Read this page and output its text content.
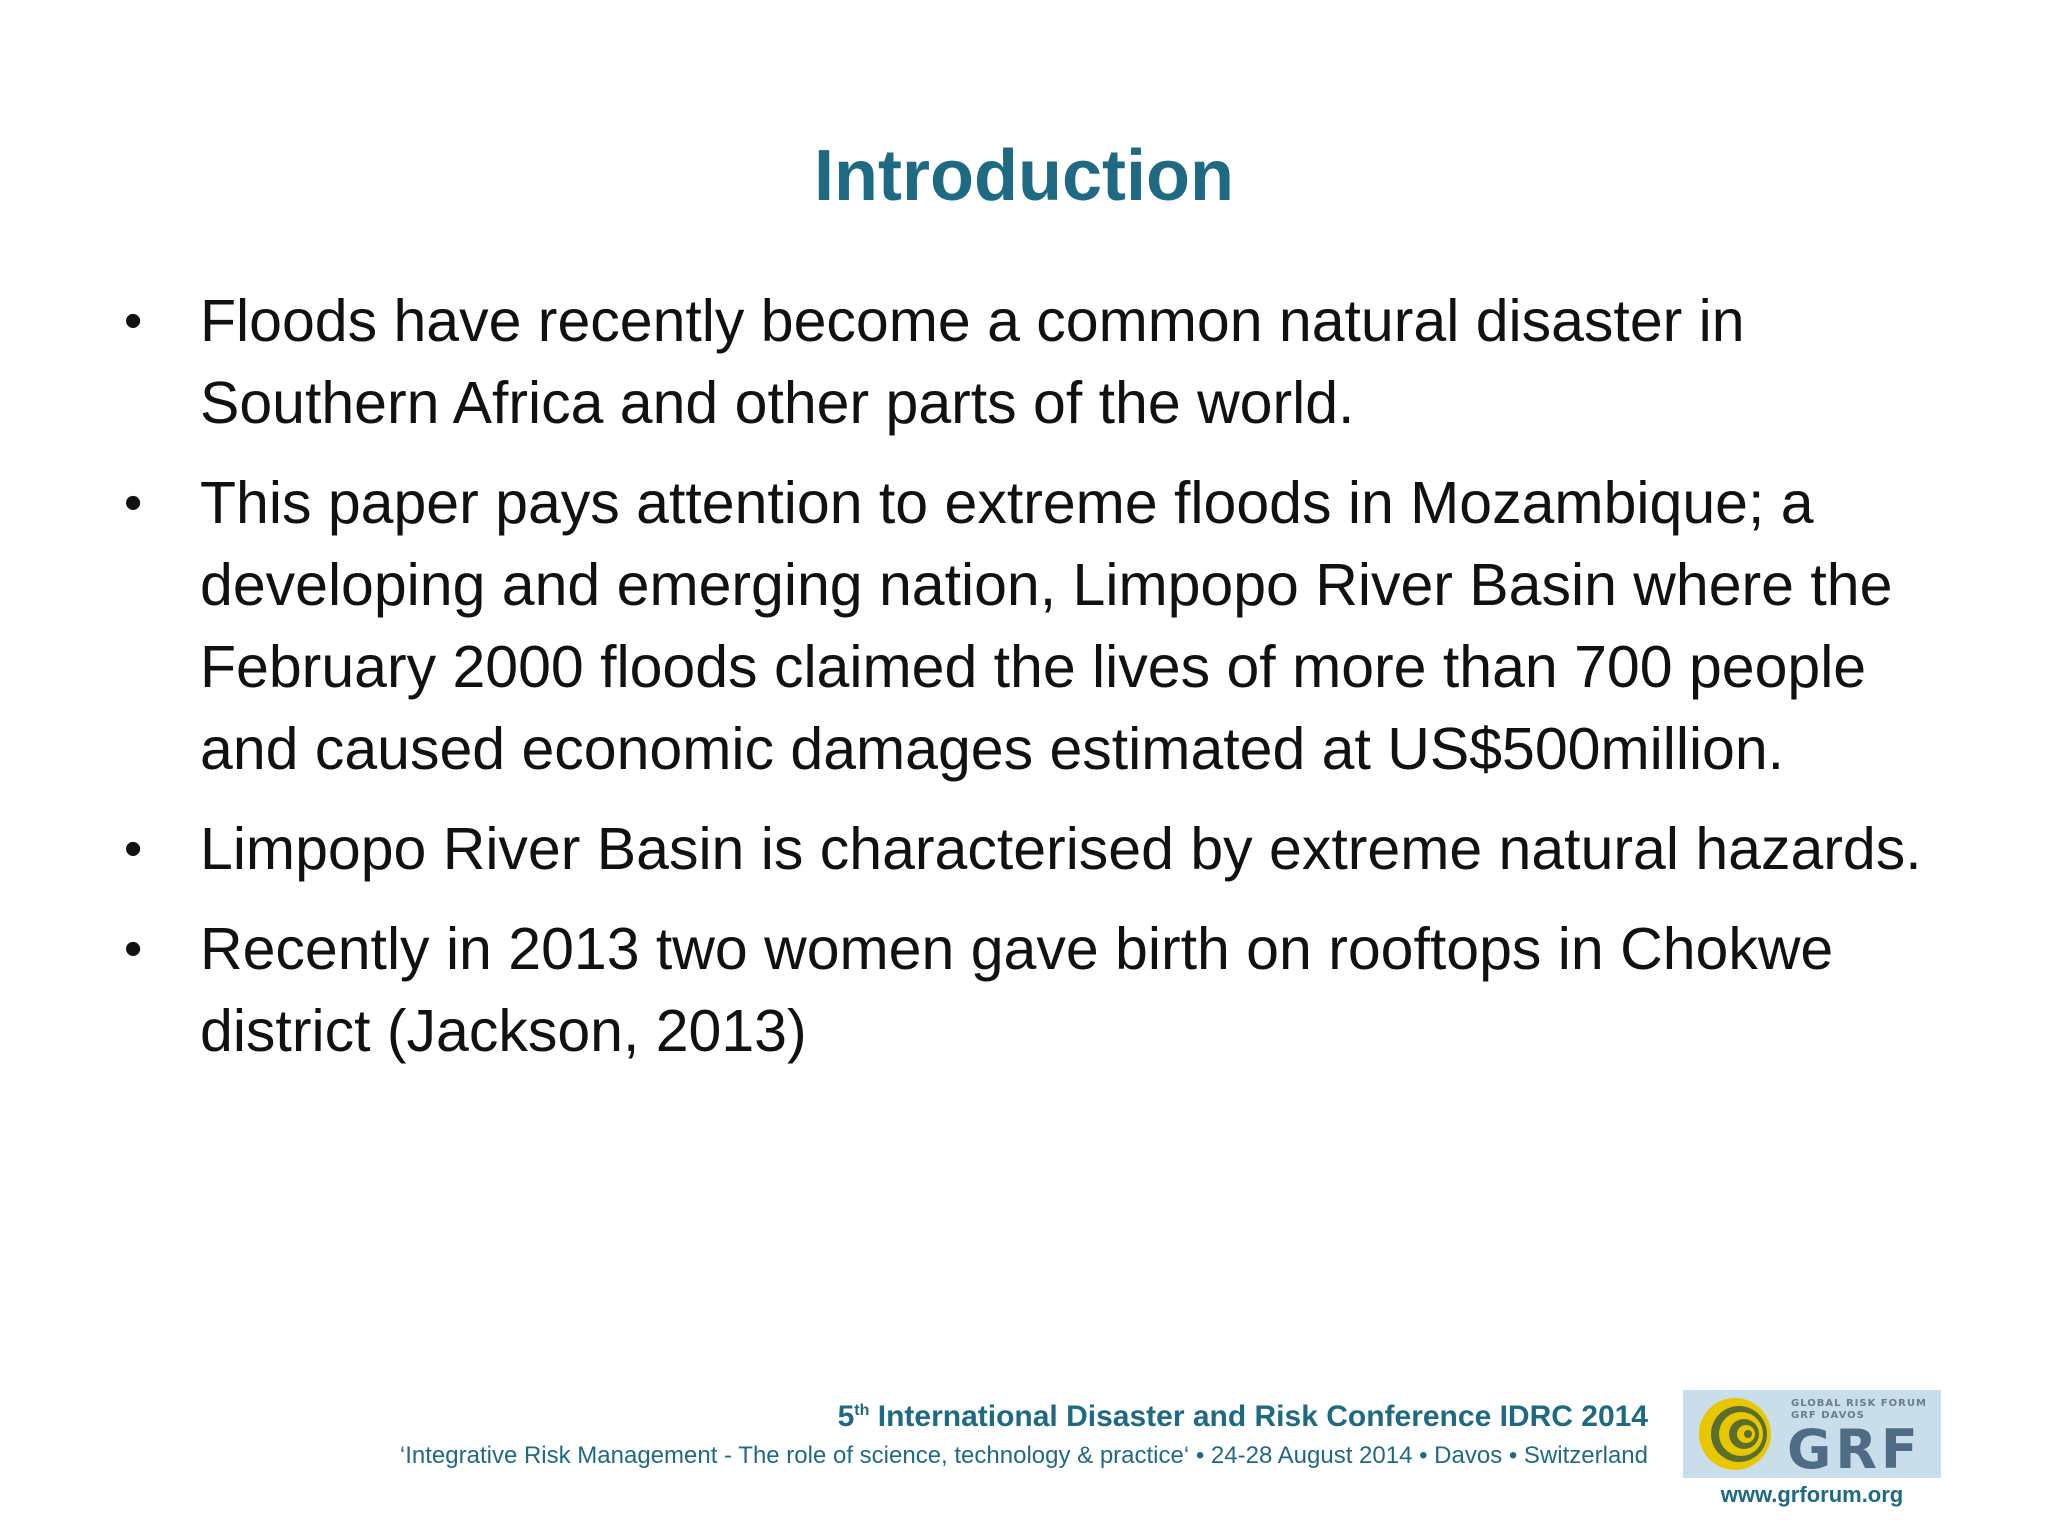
Introduction
• Floods have recently become a common natural disaster in Southern Africa and other parts of the world.
• This paper pays attention to extreme floods in Mozambique; a developing and emerging nation, Limpopo River Basin where the February 2000 floods claimed the lives of more than 700 people and caused economic damages estimated at US$500million.
• Limpopo River Basin is characterised by extreme natural hazards.
• Recently in 2013 two women gave birth on rooftops in Chokwe district (Jackson, 2013)
5th International Disaster and Risk Conference IDRC 2014
‘Integrative Risk Management - The role of science, technology & practice‘ • 24-28 August 2014 • Davos • Switzerland
GLOBAL RISK FORUM
GRF DAVOS
GRF
www.grforum.org
